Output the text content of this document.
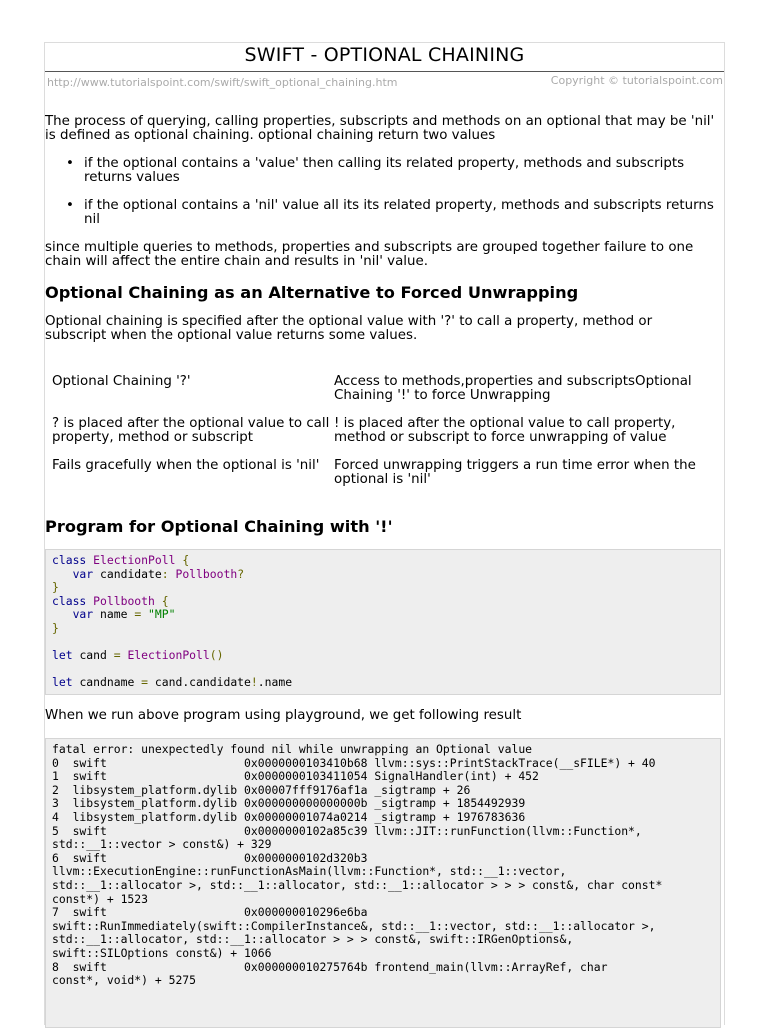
SWIFT - OPTIONAL CHAINING
http://www.tutorialspoint.com/swift/swift_optional_chaining.htm	Copyright © tutorialspoint.com

The process of querying, calling properties, subscripts and methods on an optional that may be 'nil' is defined as optional chaining. optional chaining return two values

• if the optional contains a 'value' then calling its related property, methods and subscripts returns values
• if the optional contains a 'nil' value all its its related property, methods and subscripts returns nil

since multiple queries to methods, properties and subscripts are grouped together failure to one chain will affect the entire chain and results in 'nil' value.

Optional Chaining as an Alternative to Forced Unwrapping

Optional chaining is specified after the optional value with '?' to call a property, method or subscript when the optional value returns some values.

Optional Chaining '?'	Access to methods,properties and subscriptsOptional Chaining '!' to force Unwrapping
? is placed after the optional value to call property, method or subscript	! is placed after the optional value to call property, method or subscript to force unwrapping of value
Fails gracefully when the optional is 'nil'	Forced unwrapping triggers a run time error when the optional is 'nil'
Program for Optional Chaining with '!'
class ElectionPoll {
var candidate: Pollbooth?
}
class Pollbooth {
var name = "MP"
}

let cand = ElectionPoll()

let candname = cand.candidate!.name

When we run above program using playground, we get following result

fatal error: unexpectedly found nil while unwrapping an Optional value
0  swift                    0x0000000103410b68 llvm::sys::PrintStackTrace(__sFILE*) + 40
1  swift                    0x0000000103411054 SignalHandler(int) + 452
2  libsystem_platform.dylib 0x00007fff9176af1a _sigtramp + 26
3  libsystem_platform.dylib 0x000000000000000b _sigtramp + 1854492939
4  libsystem_platform.dylib 0x00000001074a0214 _sigtramp + 1976783636
5  swift                    0x0000000102a85c39 llvm::JIT::runFunction(llvm::Function*,
std::__1::vector > const&) + 329
6  swift                    0x0000000102d320b3
llvm::ExecutionEngine::runFunctionAsMain(llvm::Function*, std::__1::vector,
std::__1::allocator >, std::__1::allocator, std::__1::allocator > > > const&, char const*
const*) + 1523
7  swift                    0x000000010296e6ba
swift::RunImmediately(swift::CompilerInstance&, std::__1::vector, std::__1::allocator >,
std::__1::allocator, std::__1::allocator > > > const&, swift::IRGenOptions&,
swift::SILOptions const&) + 1066
8  swift                    0x000000010275764b frontend_main(llvm::ArrayRef, char
const*, void*) + 5275
